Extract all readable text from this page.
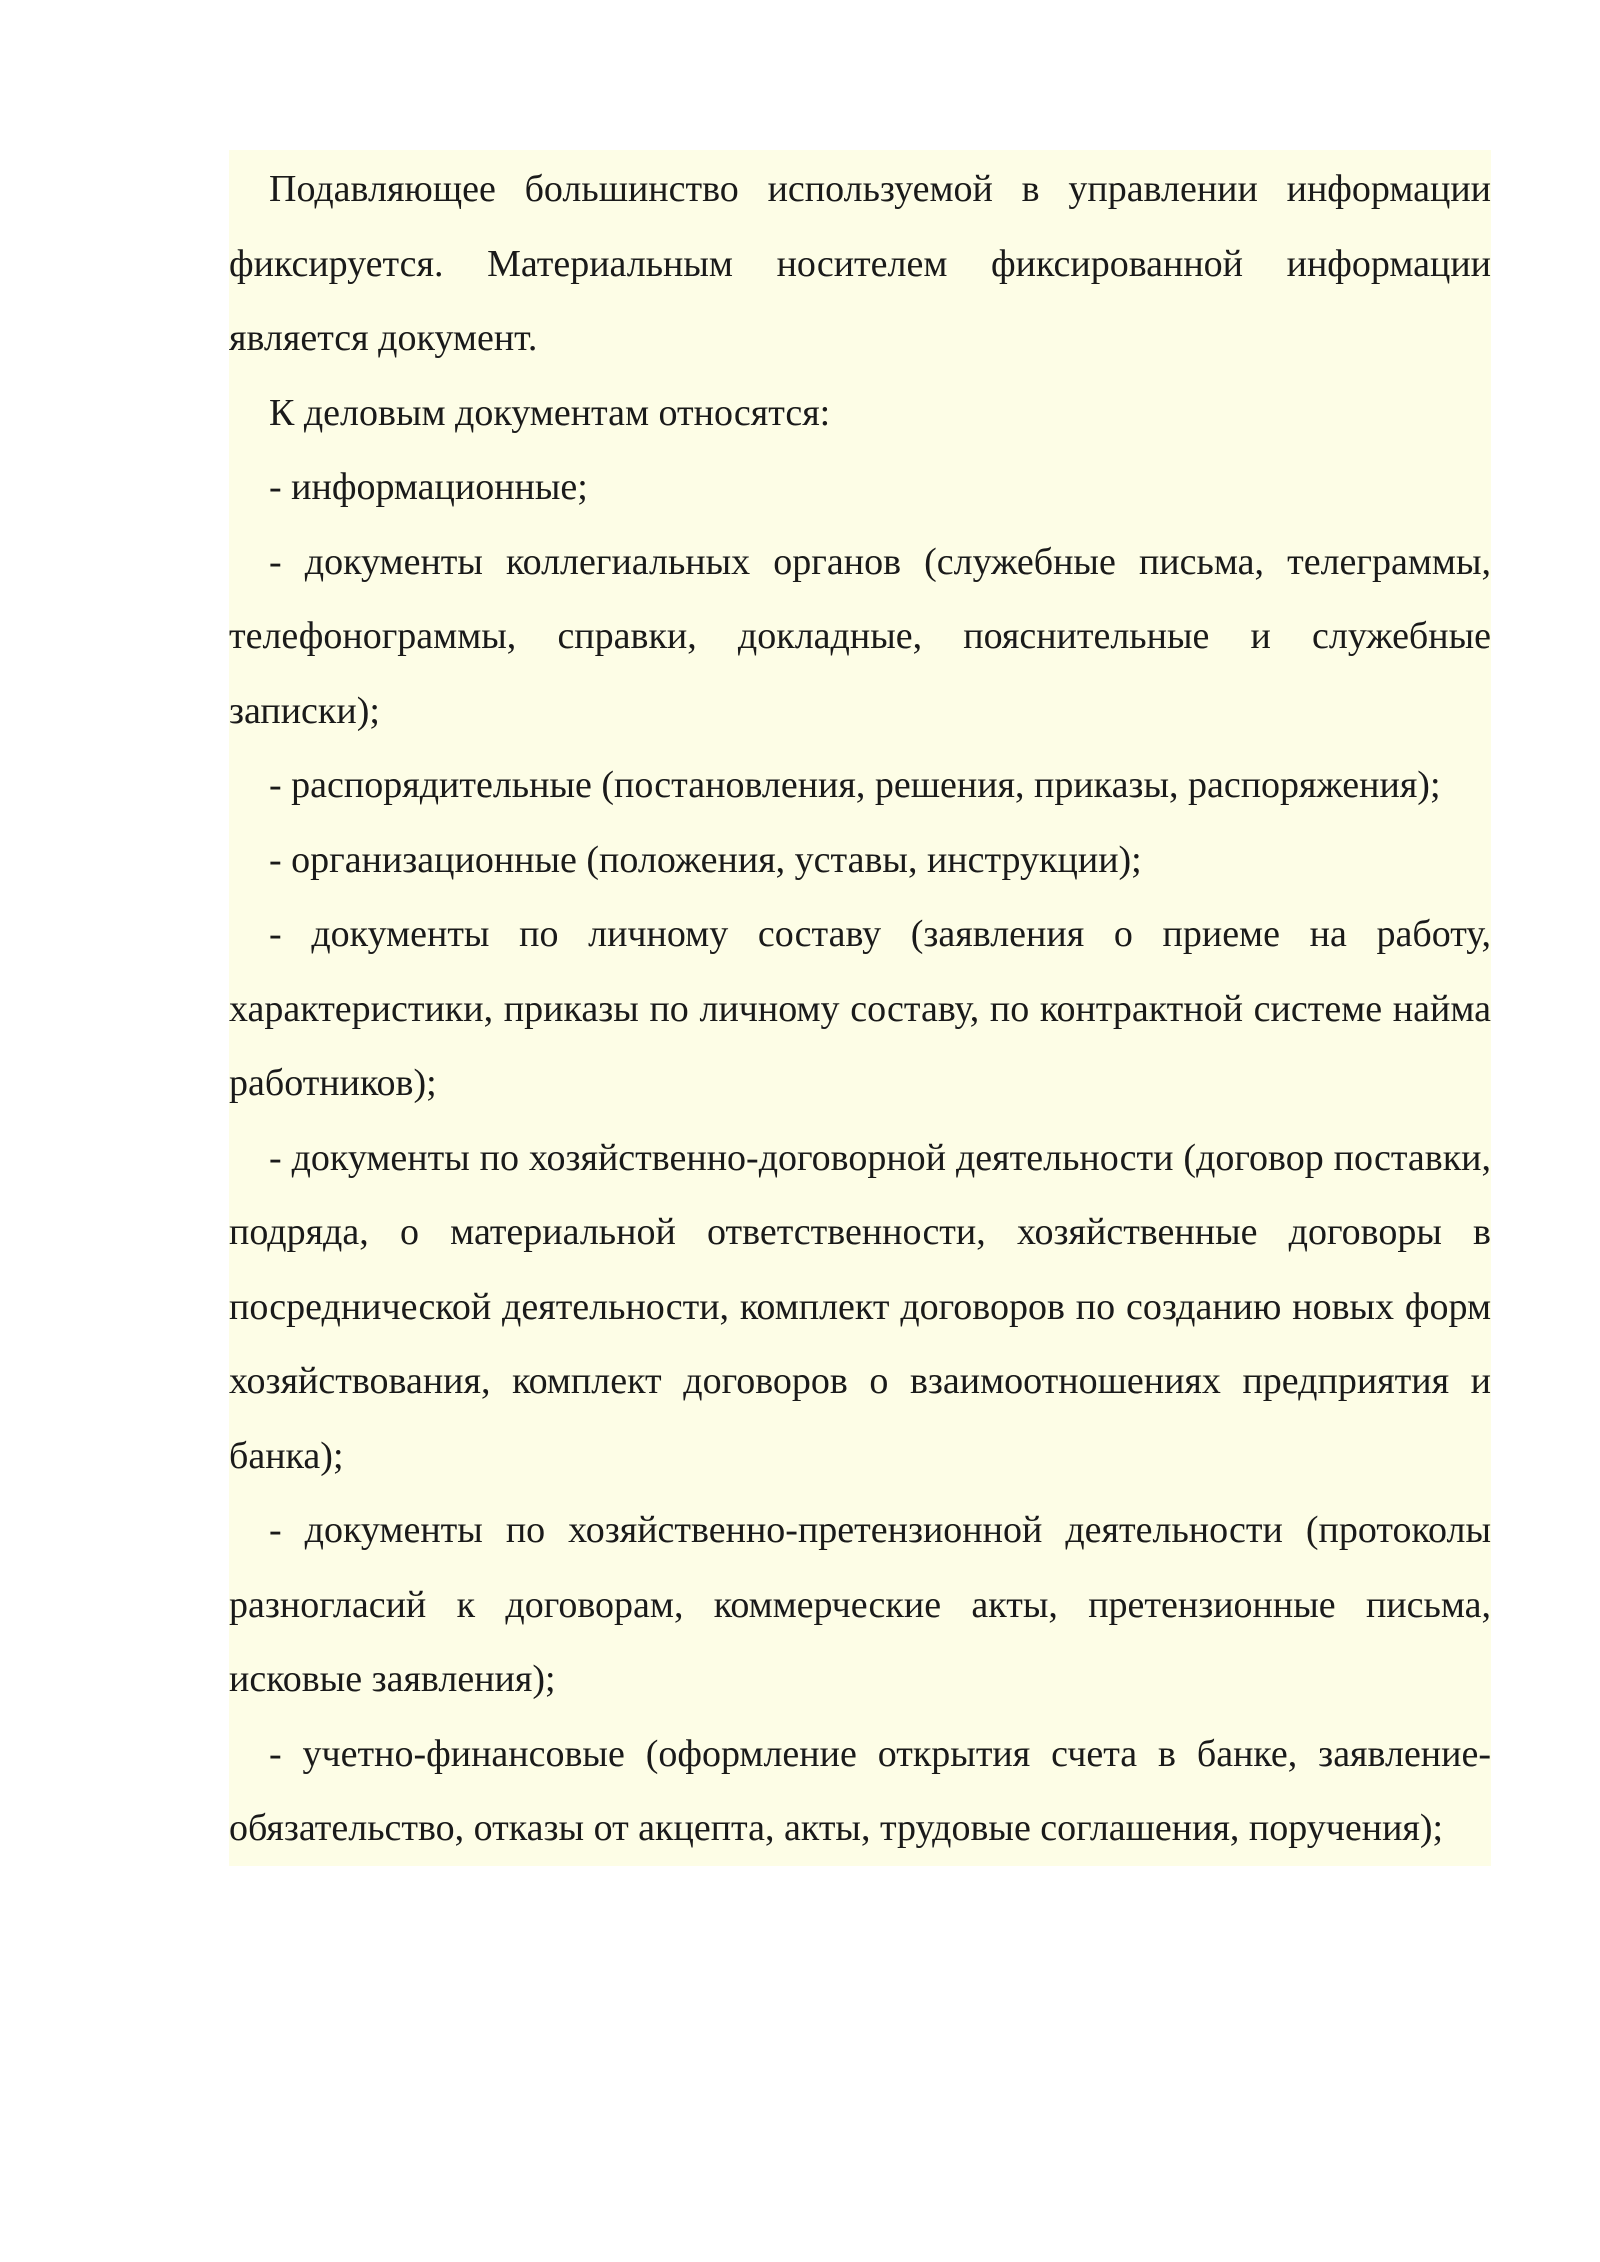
Подавляющее большинство используемой в управлении информации фиксируется. Материальным носителем фиксированной информации является документ.

К деловым документам относятся:

- информационные;

- документы коллегиальных органов (служебные письма, телеграммы, телефонограммы, справки, докладные, пояснительные и служебные записки);

- распорядительные (постановления, решения, приказы, распоряжения);

- организационные (положения, уставы, инструкции);

- документы по личному составу (заявления о приеме на работу, характеристики, приказы по личному составу, по контрактной системе найма работников);

- документы по хозяйственно-договорной деятельности (договор поставки, подряда, о материальной ответственности, хозяйственные договоры в посреднической деятельности, комплект договоров по созданию новых форм хозяйствования, комплект договоров о взаимоотношениях предприятия и банка);

- документы по хозяйственно-претензионной деятельности (протоколы разногласий к договорам, коммерческие акты, претензионные письма, исковые заявления);

- учетно-финансовые (оформление открытия счета в банке, заявление-обязательство, отказы от акцепта, акты, трудовые соглашения, поручения);
